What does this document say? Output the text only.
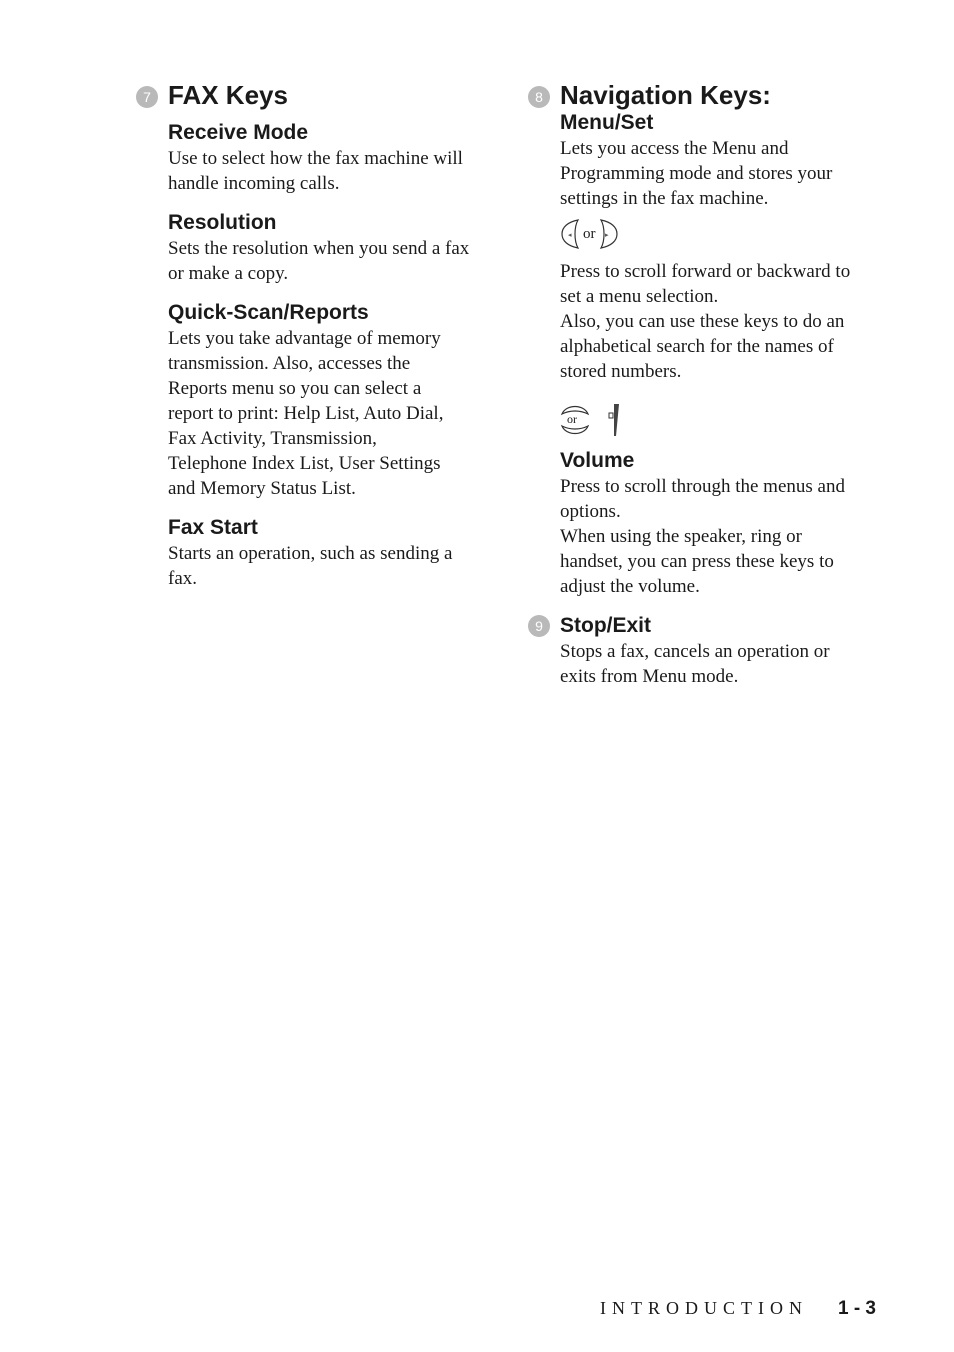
7 FAX Keys
Receive Mode

Use to select how the fax machine will
handle incoming calls.

Resolution

Sets the resolution when you send a fax
or make a copy.

Quick-Scan/Reports

Lets you take advantage of memory
transmission. Also, accesses the
Reports menu so you can select a
report to print: Help List, Auto Dial,
Fax Activity, Transmission,
Telephone Index List, User Settings
and Memory Status List.

Fax Start

Starts an operation, such as sending a
fax.

8 Navigation Keys:
Menu/Set

Lets you access the Menu and
Programming mode and stores your
settings in the fax machine.

◂ or ▸

Press to scroll forward or backward to
set a menu selection.
Also, you can use these keys to do an
alphabetical search for the names of
stored numbers.

or
Volume

Press to scroll through the menus and
options.
When using the speaker, ring or
handset, you can press these keys to
adjust the volume.

9 Stop/Exit

Stops a fax, cancels an operation or
exits from Menu mode.

INTRODUCTION 1 - 3
